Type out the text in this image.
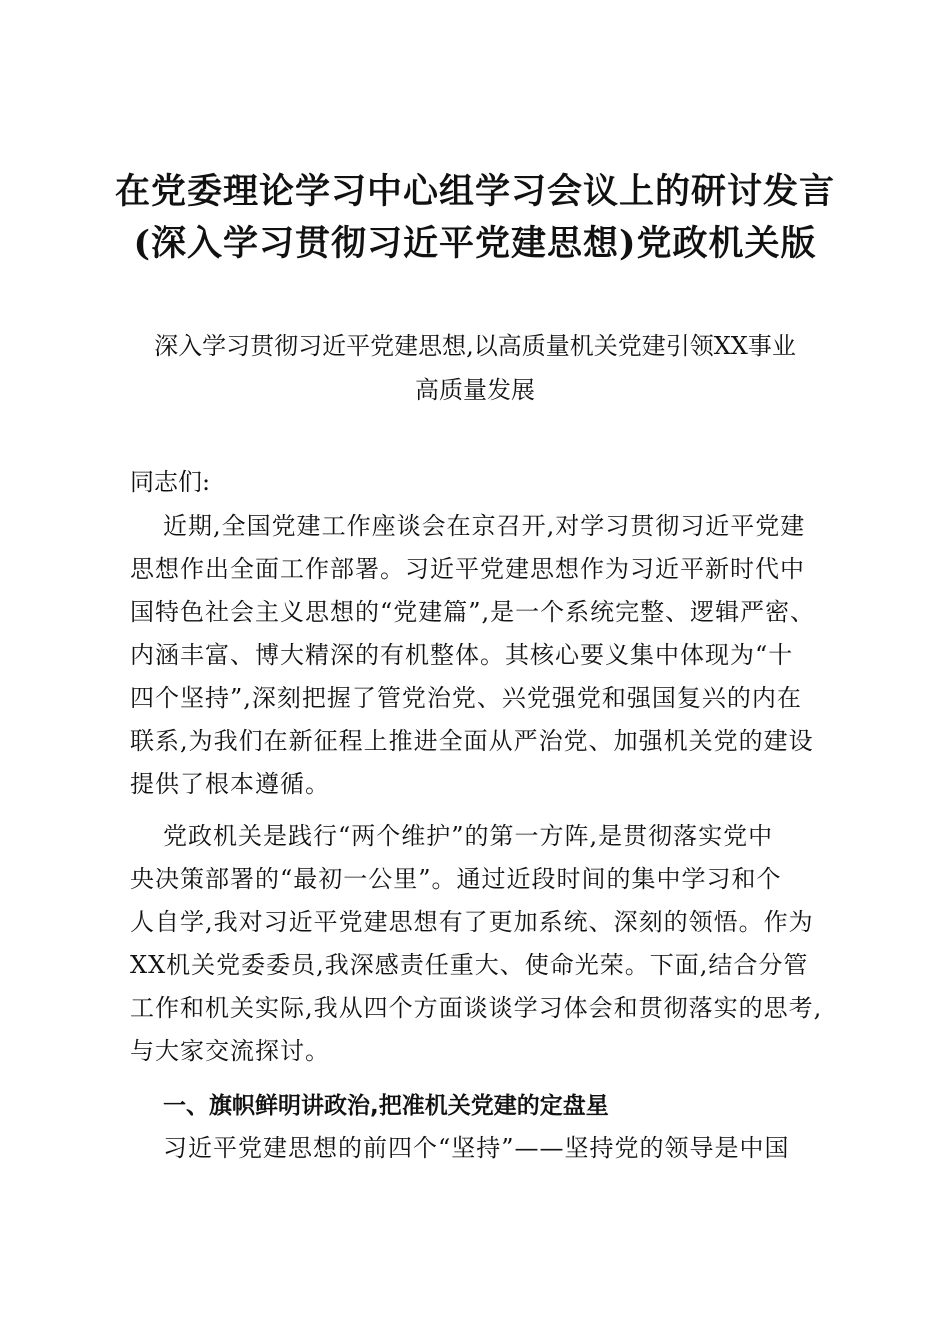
在党委理论学习中心组学习会议上的研讨发言
(深入学习贯彻习近平党建思想)党政机关版
深入学习贯彻习近平党建思想,以高质量机关党建引领XX事业
高质量发展
同志们:
近期,全国党建工作座谈会在京召开,对学习贯彻习近平党建
思想作出全面工作部署。习近平党建思想作为习近平新时代中
国特色社会主义思想的“党建篇”,是一个系统完整、逻辑严密、
内涵丰富、博大精深的有机整体。其核心要义集中体现为“十
四个坚持”,深刻把握了管党治党、兴党强党和强国复兴的内在
联系,为我们在新征程上推进全面从严治党、加强机关党的建设
提供了根本遵循。
党政机关是践行“两个维护”的第一方阵,是贯彻落实党中
央决策部署的“最初一公里”。通过近段时间的集中学习和个
人自学,我对习近平党建思想有了更加系统、深刻的领悟。作为
XX机关党委委员,我深感责任重大、使命光荣。下面,结合分管
工作和机关实际,我从四个方面谈谈学习体会和贯彻落实的思考,
与大家交流探讨。
一、旗帜鲜明讲政治,把准机关党建的定盘星
习近平党建思想的前四个“坚持”——坚持党的领导是中国
